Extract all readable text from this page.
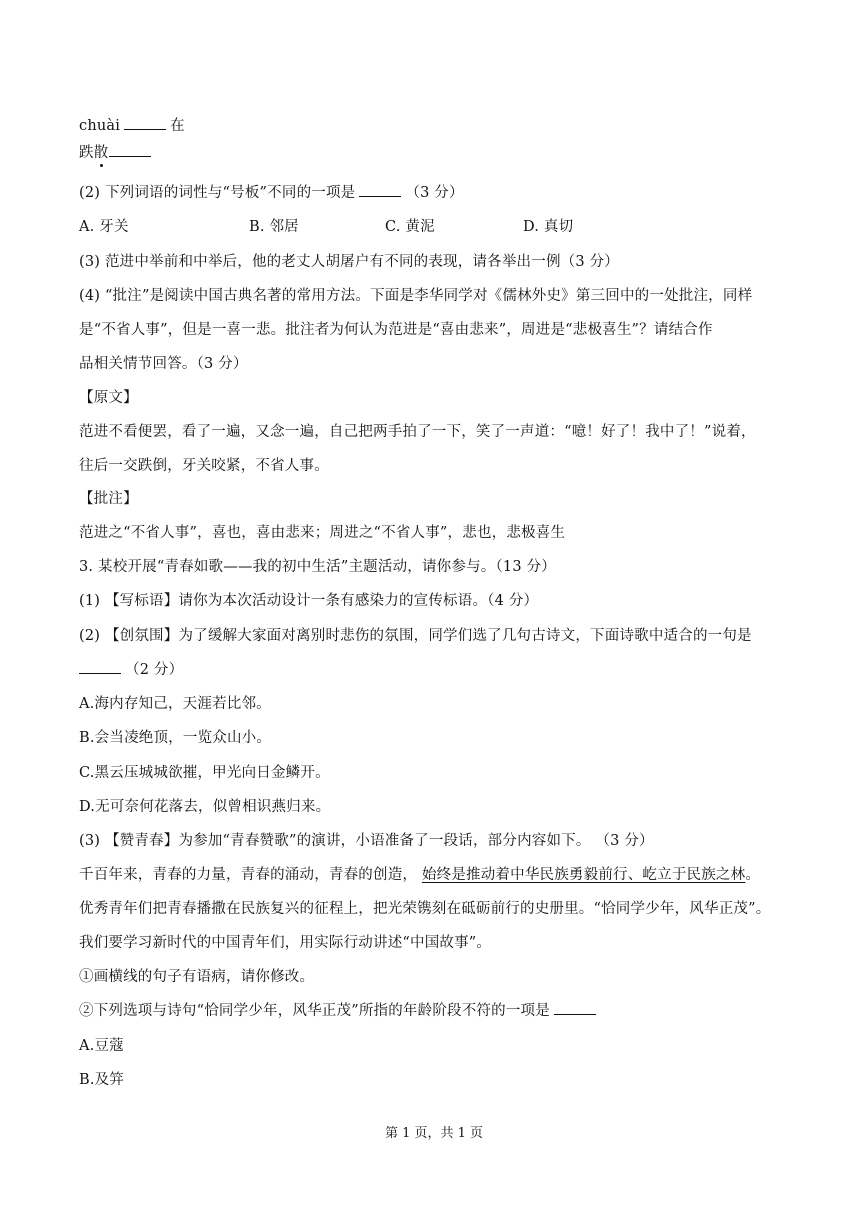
chuài	在
跌散
(2) 下列词语的词性与“号板”不同的一项是	（3 分）
A. 牙关	B. 邻居	C. 黄泥	D. 真切
(3) 范进中举前和中举后，他的老丈人胡屠户有不同的表现，请各举出一例（3 分）
(4) “批注”是阅读中国古典名著的常用方法。下面是李华同学对《儒林外史》第三回中的一处批注，同样
是“不省人事”，但是一喜一悲。批注者为何认为范进是“喜由悲来”，周进是“悲极喜生”？请结合作
品相关情节回答。（3 分）
【原文】
范进不看便罢，看了一遍，又念一遍，自己把两手拍了一下，笑了一声道：“噫！好了！我中了！”说着，
往后一交跌倒，牙关咬紧，不省人事。
【批注】
范进之“不省人事”，喜也，喜由悲来；周进之“不省人事”，悲也，悲极喜生
3. 某校开展“青春如歌——我的初中生活”主题活动，请你参与。（13 分）
(1) 【写标语】请你为本次活动设计一条有感染力的宣传标语。（4 分）
(2) 【创氛围】为了缓解大家面对离别时悲伤的氛围，同学们选了几句古诗文，下面诗歌中适合的一句是
（2 分）
A.海内存知己，天涯若比邻。
B.会当凌绝顶，一览众山小。
C.黑云压城城欲摧，甲光向日金鳞开。
D.无可奈何花落去，似曾相识燕归来。
(3) 【赞青春】为参加“青春赞歌”的演讲，小语准备了一段话，部分内容如下。 （3 分）
千百年来，青春的力量，青春的涌动，青春的创造， 始终是推动着中华民族勇毅前行、屹立于民族之林。
优秀青年们把青春播撒在民族复兴的征程上，把光荣镌刻在砥砺前行的史册里。“恰同学少年，风华正茂”。
我们要学习新时代的中国青年们，用实际行动讲述“中国故事”。
①画横线的句子有语病，请你修改。
②下列选项与诗句“恰同学少年，风华正茂”所指的年龄阶段不符的一项是
A.豆蔻
B.及笄
第 1 页，共 1 页
